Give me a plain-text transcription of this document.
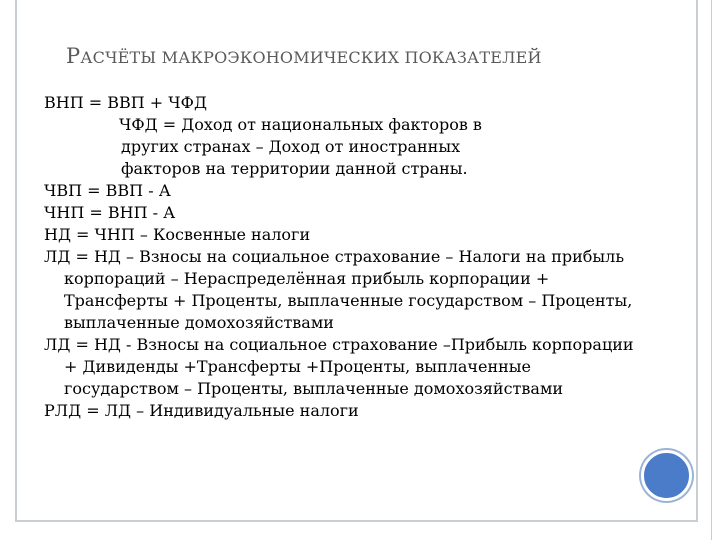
РАСЧЁТЫ МАКРОЭКОНОМИЧЕСКИХ ПОКАЗАТЕЛЕЙ
ВНП = ВВП + ЧФД
ЧФД = Доход от национальных факторов в
других странах – Доход от иностранных
факторов на территории данной страны.
ЧВП = ВВП - А
ЧНП = ВНП - А
НД = ЧНП – Косвенные налоги
ЛД = НД – Взносы на социальное страхование – Налоги на прибыль корпораций – Нераспределённая прибыль корпорации + Трансферты + Проценты, выплаченные государством – Проценты, выплаченные домохозяйствами
ЛД = НД - Взносы на социальное страхование –Прибыль корпорации + Дивиденды +Трансферты +Проценты, выплаченные государством – Проценты, выплаченные домохозяйствами
РЛД = ЛД – Индивидуальные налоги
